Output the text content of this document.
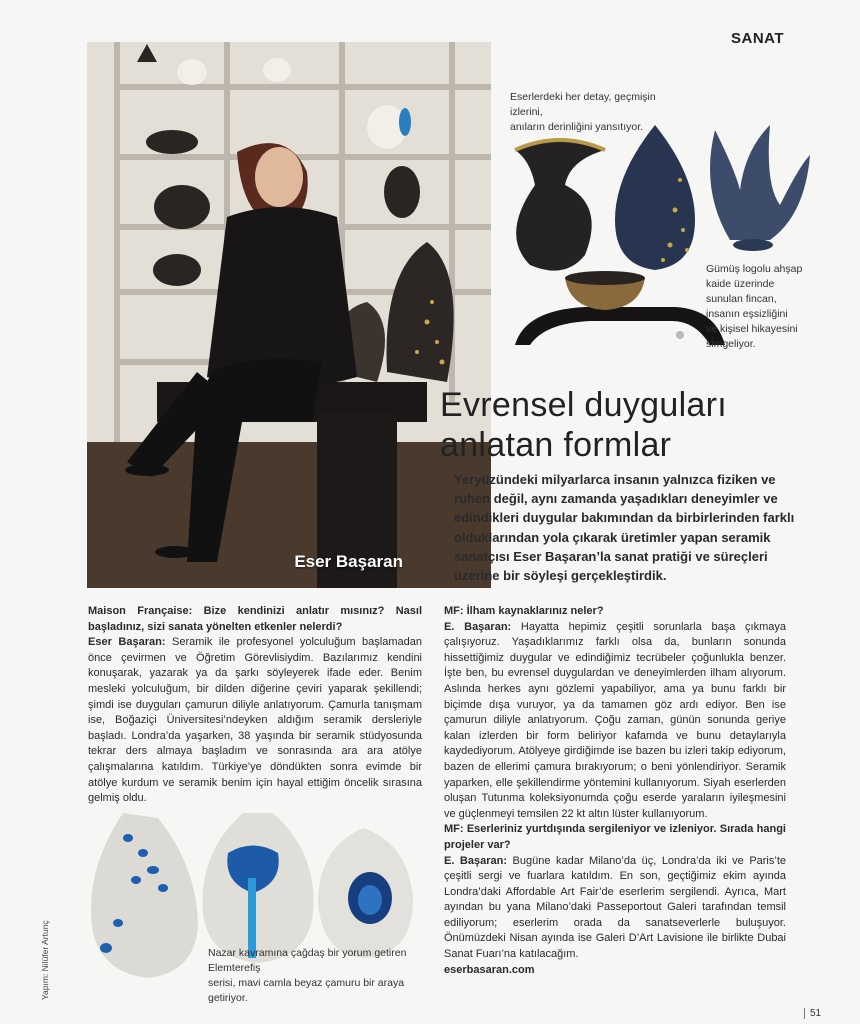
SANAT
Eser Başaran
Eserlerdeki her detay, geçmişin izlerini,
anıların derinliğini yansıtıyor.
Gümüş logolu ahşap
kaide üzerinde
sunulan fincan,
insanın eşsizliğini
ve kişisel hikayesini
simgeliyor.
Evrensel duyguları
anlatan formlar
Yeryüzündeki milyarlarca insanın yalnızca fiziken ve ruhen değil, aynı zamanda yaşadıkları deneyimler ve edindikleri duygular bakımından da birbirlerinden farklı olduklarından yola çıkarak üretimler yapan seramik sanatçısı Eser Başaran’la sanat pratiği ve süreçleri üzerine bir söyleşi gerçekleştirdik.
Maison Française: Bize kendinizi anlatır mısınız? Nasıl başladınız, sizi sanata yönelten etkenler nelerdi?
Eser Başaran: Seramik ile profesyonel yolculuğum başlamadan önce çevirmen ve Öğretim Görevlisiydim. Bazılarımız kendini konuşarak, yazarak ya da şarkı söyleyerek ifade eder. Benim mesleki yolculuğum, bir dilden diğerine çeviri yaparak şekillendi; şimdi ise duyguları çamurun diliyle anlatıyorum. Çamurla tanışmam ise, Boğaziçi Üniversitesi’ndeyken aldığım seramik dersleriyle başladı. Londra’da yaşarken, 38 yaşında bir seramik stüdyosunda tekrar ders almaya başladım ve sonrasında ara ara atölye çalışmalarına katıldım. Türkiye’ye döndükten sonra evimde bir atölye kurdum ve seramik benim için hayal ettiğim öncelik sırasına gelmiş oldu.
MF: İlham kaynaklarınız neler?
E. Başaran: Hayatta hepimiz çeşitli sorunlarla başa çıkmaya çalışıyoruz. Yaşadıklarımız farklı olsa da, bunların sonunda hissettiğimiz duygular ve edindiğimiz tecrübeler çoğunlukla benzer. İşte ben, bu evrensel duygulardan ve deneyimlerden ilham alıyorum. Aslında herkes aynı gözlemi yapabiliyor, ama ya bunu farklı bir biçimde dışa vuruyor, ya da tamamen göz ardı ediyor. Ben ise çamurun diliyle anlatıyorum. Çoğu zaman, günün sonunda geriye kalan izlerden bir form beliriyor kafamda ve bunu detaylarıyla kaydediyorum. Atölyeye girdiğimde ise bazen bu izleri takip ediyorum, bazen de ellerimi çamura bırakıyorum; o beni yönlendiriyor. Seramik yaparken, elle şekillendirme yöntemini kullanıyorum. Siyah eserlerden oluşan Tutunma koleksiyonumda çoğu eserde yaraların iyileşmesini ve güçlenmeyi temsilen 22 kt altın lüster kullanıyorum.
MF: Eserleriniz yurtdışında sergileniyor ve izleniyor. Sırada hangi projeler var?
E. Başaran: Bugüne kadar Milano’da üç, Londra’da iki ve Paris’te çeşitli sergi ve fuarlara katıldım. En son, geçtiğimiz ekim ayında Londra’daki Affordable Art Fair’de eserlerim sergilendi. Ayrıca, Mart ayından bu yana Milano’daki Passeportout Galeri tarafından temsil ediliyorum; eserlerim orada da sanatseverlerle buluşuyor. Önümüzdeki Nisan ayında ise Galeri D’Art Lavisione ile birlikte Dubai Sanat Fuarı’na katılacağım.
eserbasaran.com
Nazar kavramına çağdaş bir yorum getiren Elemterefiş
serisi, mavi camla beyaz çamuru bir araya getiriyor.
Yapım: Nilüfer Artunç
51
